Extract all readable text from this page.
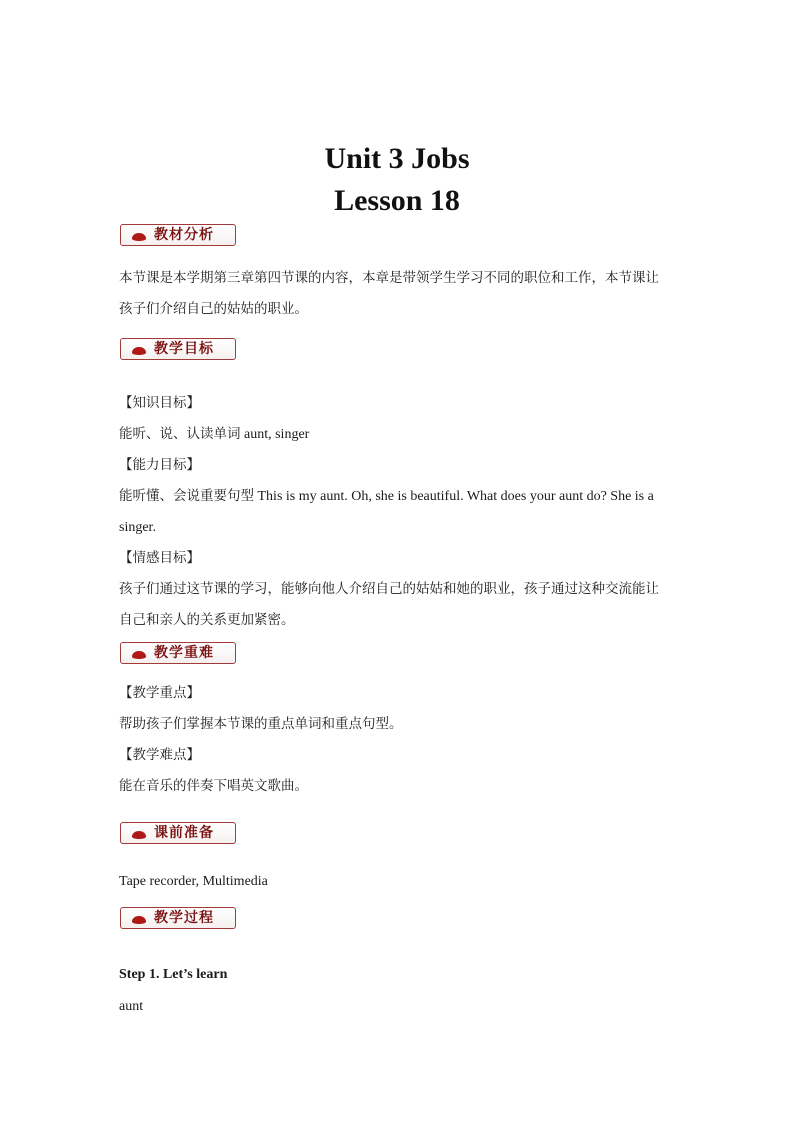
Unit 3 Jobs
Lesson 18
教材分析
本节课是本学期第三章第四节课的内容，本章是带领学生学习不同的职位和工作，本节课让
孩子们介绍自己的姑姑的职业。
教学目标
【知识目标】
能听、说、认读单词 aunt, singer
【能力目标】
能听懂、会说重要句型 This is my aunt. Oh, she is beautiful. What does your aunt do? She is a
singer.
【情感目标】
孩子们通过这节课的学习，能够向他人介绍自己的姑姑和她的职业，孩子通过这种交流能让
自己和亲人的关系更加紧密。
教学重难
【教学重点】
帮助孩子们掌握本节课的重点单词和重点句型。
【教学难点】
能在音乐的伴奏下唱英文歌曲。
课前准备
Tape recorder, Multimedia
教学过程
Step 1. Let’s learn
aunt
